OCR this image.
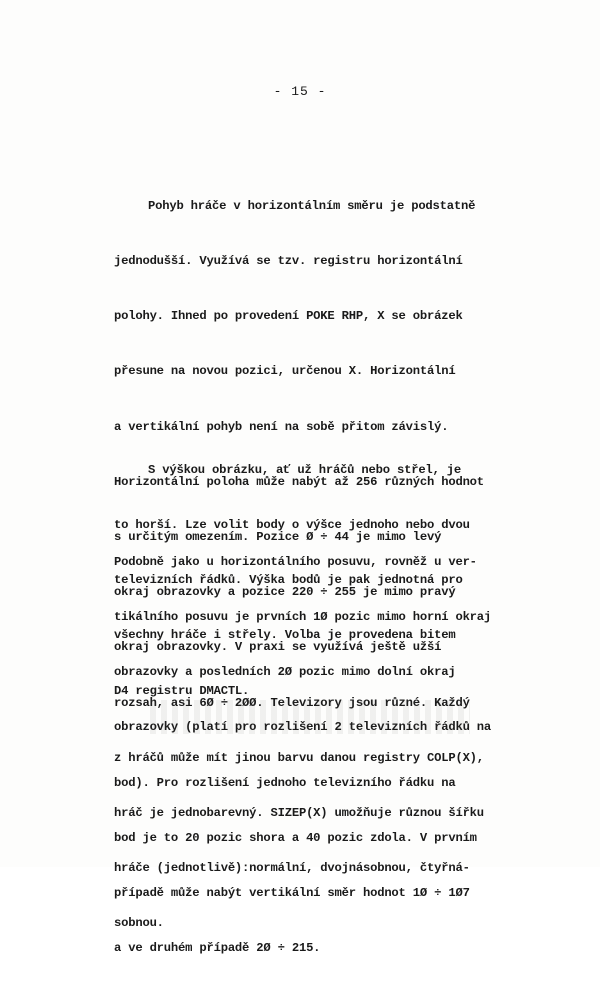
- 15 -

Pohyb hráče v horizontálním směru je podstatně

jednodušší. Využívá se tzv. registru horizontální

polohy. Ihned po provedení POKE RHP, X se obrázek

přesune na novou pozici, určenou X. Horizontální

a vertikální pohyb není na sobě přitom závislý.

Horizontální poloha může nabýt až 256 různých hodnot

s určitým omezením. Pozice Ø ÷ 44 je mimo levý

okraj obrazovky a pozice 220 ÷ 255 je mimo pravý

okraj obrazovky. V praxi se využívá ještě užší

rozsah, asi 6Ø ÷ 2ØØ. Televizory jsou různé. Každý

z hráčů může mít jinou barvu danou registry COLP(X),

hráč je jednobarevný. SIZEP(X) umožňuje různou šířku

hráče (jednotlivě):normální, dvojnásobnou, čtyřná-

sobnou.

S výškou obrázku, ať už hráčů nebo střel, je

to horší. Lze volit body o výšce jednoho nebo dvou

televizních řádků. Výška bodů je pak jednotná pro

všechny hráče i střely. Volba je provedena bitem

D4 registru DMACTL.

Podobně jako u horizontálního posuvu, rovněž u ver-

tikálního posuvu je prvních 1Ø pozic mimo horní okraj

obrazovky a posledních 2Ø pozic mimo dolní okraj

obrazovky (platí pro rozlišení 2 televizních řádků na

bod). Pro rozlišení jednoho televizního řádku na

bod je to 20 pozic shora a 40 pozic zdola. V prvním

případě může nabýt vertikální směr hodnot 1Ø ÷ 1Ø7

a ve druhém případě 2Ø ÷ 215.
